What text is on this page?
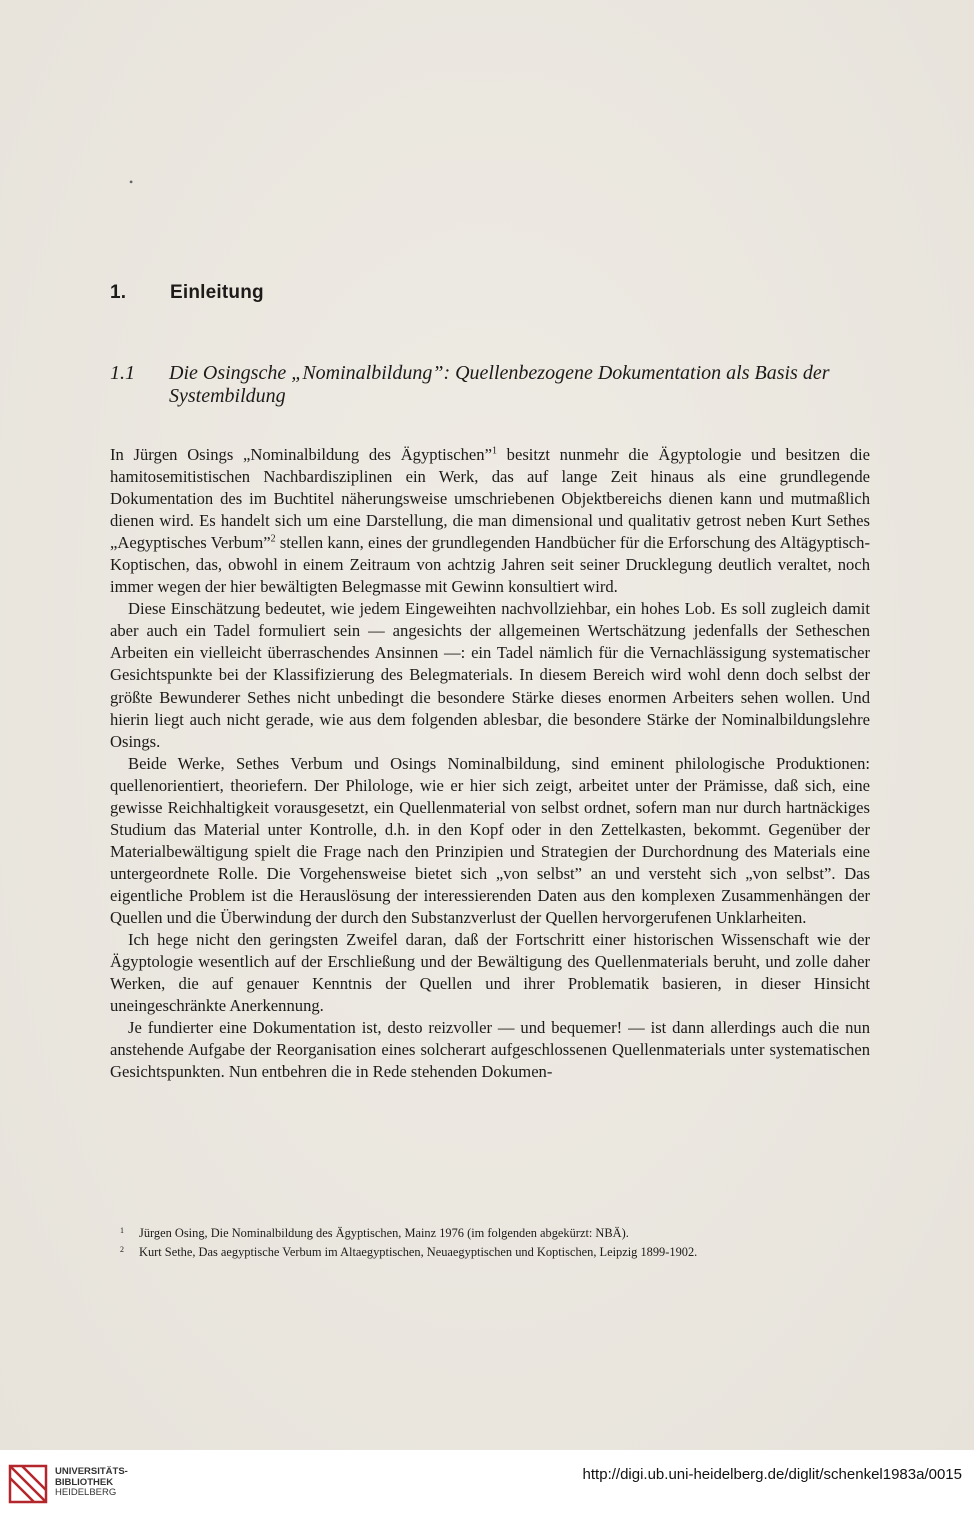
•
1. Einleitung
1.1 Die Osingsche „Nominalbildung”: Quellenbezogene Dokumentation als Basis der Systembildung

In Jürgen Osings „Nominalbildung des Ägyptischen”$^1$ besitzt nunmehr die Ägyptologie und besitzen die hamitosemitistischen Nachbardisziplinen ein Werk, das auf lange Zeit hinaus als eine grundlegende Dokumentation des im Buchtitel näherungsweise umschriebenen Objektbereichs dienen kann und mutmaßlich dienen wird. Es handelt sich um eine Darstellung, die man dimensional und qualitativ getrost neben Kurt Sethes „Aegyptisches Verbum”$^2$ stellen kann, eines der grundlegenden Handbücher für die Erforschung des Altägyptisch-Koptischen, das, obwohl in einem Zeitraum von achtzig Jahren seit seiner Drucklegung deutlich veraltet, noch immer wegen der hier bewältigten Belegmasse mit Gewinn konsultiert wird.

Diese Einschätzung bedeutet, wie jedem Eingeweihten nachvollziehbar, ein hohes Lob. Es soll zugleich damit aber auch ein Tadel formuliert sein — angesichts der allgemeinen Wertschätzung jedenfalls der Setheschen Arbeiten ein vielleicht überraschendes Ansinnen —: ein Tadel nämlich für die Vernachlässigung systematischer Gesichtspunkte bei der Klassifizierung des Belegmaterials. In diesem Bereich wird wohl denn doch selbst der größte Bewunderer Sethes nicht unbedingt die besondere Stärke dieses enormen Arbeiters sehen wollen. Und hierin liegt auch nicht gerade, wie aus dem folgenden ablesbar, die besondere Stärke der Nominalbildungslehre Osings.

Beide Werke, Sethes Verbum und Osings Nominalbildung, sind eminent philologische Produktionen: quellenorientiert, theoriefern. Der Philologe, wie er hier sich zeigt, arbeitet unter der Prämisse, daß sich, eine gewisse Reichhaltigkeit vorausgesetzt, ein Quellenmaterial von selbst ordnet, sofern man nur durch hartnäckiges Studium das Material unter Kontrolle, d.h. in den Kopf oder in den Zettelkasten, bekommt. Gegenüber der Materialbewältigung spielt die Frage nach den Prinzipien und Strategien der Durchordnung des Materials eine untergeordnete Rolle. Die Vorgehensweise bietet sich „von selbst” an und versteht sich „von selbst”. Das eigentliche Problem ist die Herauslösung der interessierenden Daten aus den komplexen Zusammenhängen der Quellen und die Überwindung der durch den Substanzverlust der Quellen hervorgerufenen Unklarheiten.

Ich hege nicht den geringsten Zweifel daran, daß der Fortschritt einer historischen Wissenschaft wie der Ägyptologie wesentlich auf der Erschließung und der Bewältigung des Quellenmaterials beruht, und zolle daher Werken, die auf genauer Kenntnis der Quellen und ihrer Problematik basieren, in dieser Hinsicht uneingeschränkte Anerkennung.

Je fundierter eine Dokumentation ist, desto reizvoller — und bequemer! — ist dann allerdings auch die nun anstehende Aufgabe der Reorganisation eines solcherart aufgeschlossenen Quellenmaterials unter systematischen Gesichtspunkten. Nun entbehren die in Rede stehenden Dokumen-

1 Jürgen Osing, Die Nominalbildung des Ägyptischen, Mainz 1976 (im folgenden abgekürzt: NBÄ).
2 Kurt Sethe, Das aegyptische Verbum im Altaegyptischen, Neuaegyptischen und Koptischen, Leipzig 1899-1902.
UNIVERSITÄTS-
BIBLIOTHEK
HEIDELBERG
http://digi.ub.uni-heidelberg.de/diglit/schenkel1983a/0015
